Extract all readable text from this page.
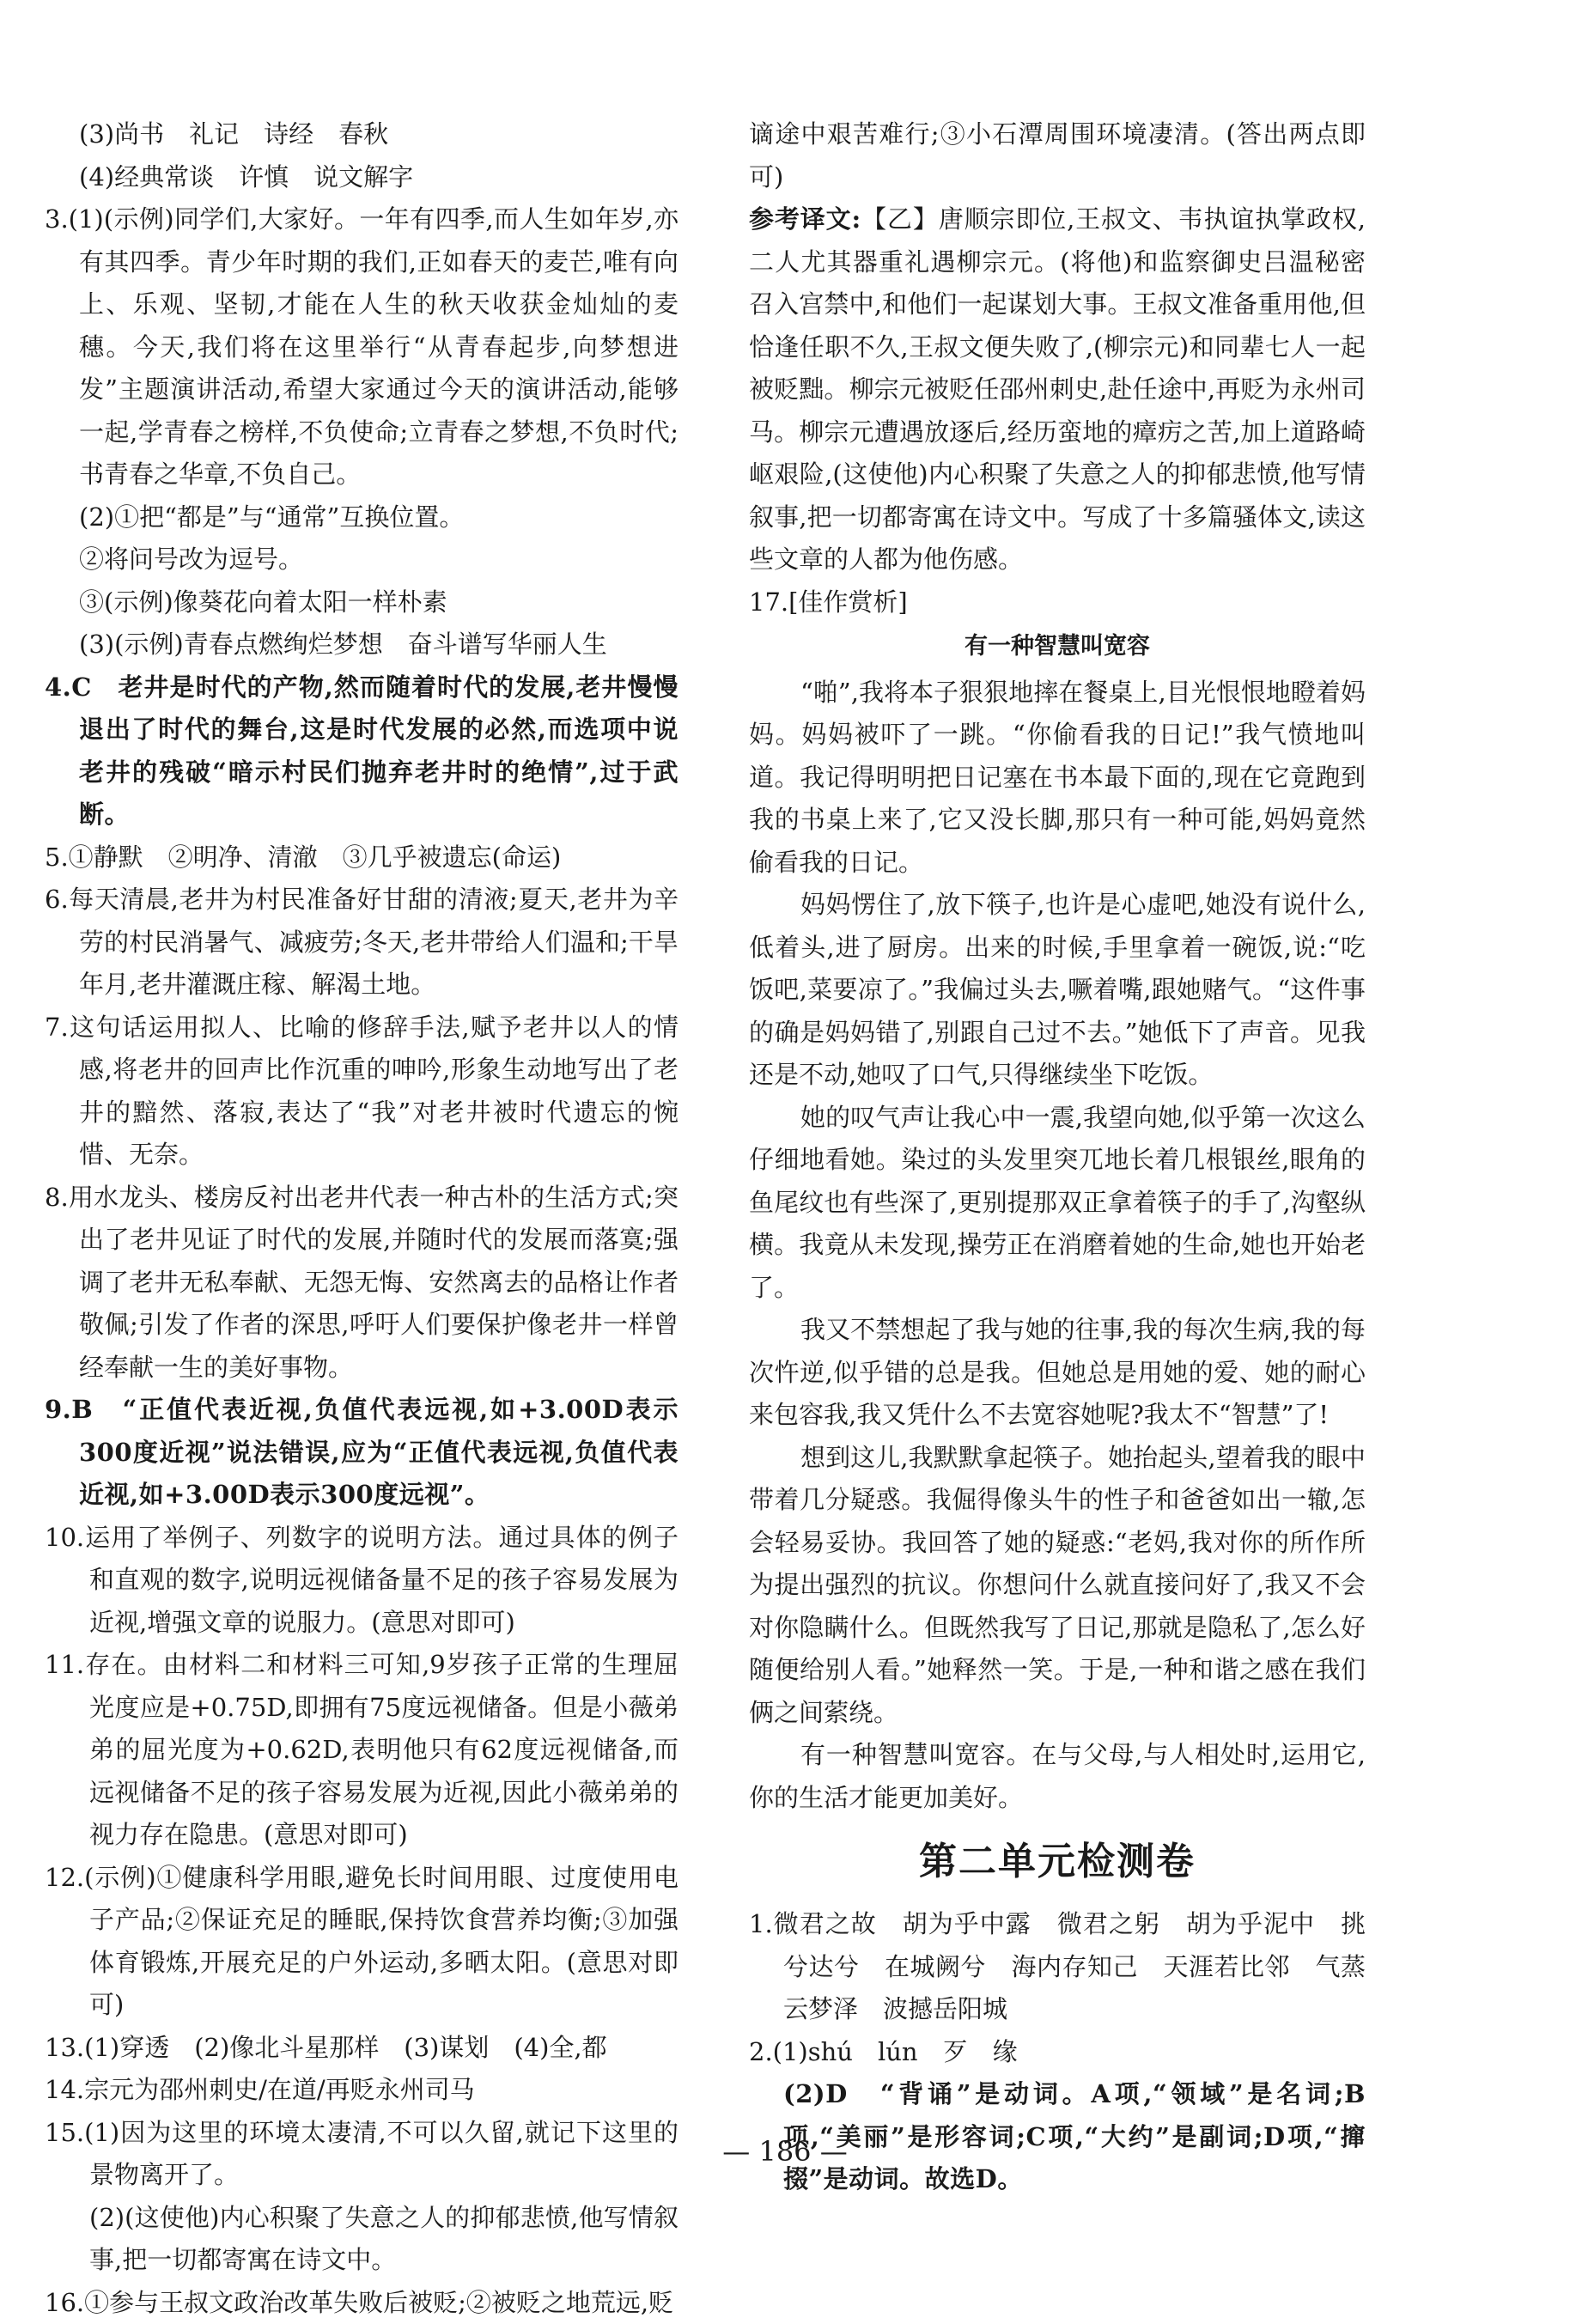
(3)尚书　礼记　诗经　春秋
(4)经典常谈　许慎　说文解字
3.(1)(示例)同学们,大家好。一年有四季,而人生如年岁,亦有其四季。青少年时期的我们,正如春天的麦芒,唯有向上、乐观、坚韧,才能在人生的秋天收获金灿灿的麦穗。今天,我们将在这里举行“从青春起步,向梦想进发”主题演讲活动,希望大家通过今天的演讲活动,能够一起,学青春之榜样,不负使命;立青春之梦想,不负时代;书青春之华章,不负自己。
(2)①把“都是”与“通常”互换位置。
②将问号改为逗号。
③(示例)像葵花向着太阳一样朴素
(3)(示例)青春点燃绚烂梦想　奋斗谱写华丽人生
4.C　老井是时代的产物,然而随着时代的发展,老井慢慢退出了时代的舞台,这是时代发展的必然,而选项中说老井的残破“暗示村民们抛弃老井时的绝情”,过于武断。
5.①静默　②明净、清澈　③几乎被遗忘(命运)
6.每天清晨,老井为村民准备好甘甜的清液;夏天,老井为辛劳的村民消暑气、减疲劳;冬天,老井带给人们温和;干旱年月,老井灌溉庄稼、解渴土地。
7.这句话运用拟人、比喻的修辞手法,赋予老井以人的情感,将老井的回声比作沉重的呻吟,形象生动地写出了老井的黯然、落寂,表达了“我”对老井被时代遗忘的惋惜、无奈。
8.用水龙头、楼房反衬出老井代表一种古朴的生活方式;突出了老井见证了时代的发展,并随时代的发展而落寞;强调了老井无私奉献、无怨无悔、安然离去的品格让作者敬佩;引发了作者的深思,呼吁人们要保护像老井一样曾经奉献一生的美好事物。
9.B　“正值代表近视,负值代表远视,如+3.00D表示300度近视”说法错误,应为“正值代表远视,负值代表近视,如+3.00D表示300度远视”。
10.运用了举例子、列数字的说明方法。通过具体的例子和直观的数字,说明远视储备量不足的孩子容易发展为近视,增强文章的说服力。(意思对即可)
11.存在。由材料二和材料三可知,9岁孩子正常的生理屈光度应是+0.75D,即拥有75度远视储备。但是小薇弟弟的屈光度为+0.62D,表明他只有62度远视储备,而远视储备不足的孩子容易发展为近视,因此小薇弟弟的视力存在隐患。(意思对即可)
12.(示例)①健康科学用眼,避免长时间用眼、过度使用电子产品;②保证充足的睡眠,保持饮食营养均衡;③加强体育锻炼,开展充足的户外运动,多晒太阳。(意思对即可)
13.(1)穿透　(2)像北斗星那样　(3)谋划　(4)全,都
14.宗元为邵州刺史/在道/再贬永州司马
15.(1)因为这里的环境太凄清,不可以久留,就记下这里的景物离开了。
(2)(这使他)内心积聚了失意之人的抑郁悲愤,他写情叙事,把一切都寄寓在诗文中。
16.①参与王叔文政治改革失败后被贬;②被贬之地荒远,贬
谪途中艰苦难行;③小石潭周围环境凄清。(答出两点即可)
参考译文:【乙】唐顺宗即位,王叔文、韦执谊执掌政权,二人尤其器重礼遇柳宗元。(将他)和监察御史吕温秘密召入宫禁中,和他们一起谋划大事。王叔文准备重用他,但恰逢任职不久,王叔文便失败了,(柳宗元)和同辈七人一起被贬黜。柳宗元被贬任邵州刺史,赴任途中,再贬为永州司马。柳宗元遭遇放逐后,经历蛮地的瘴疠之苦,加上道路崎岖艰险,(这使他)内心积聚了失意之人的抑郁悲愤,他写情叙事,把一切都寄寓在诗文中。写成了十多篇骚体文,读这些文章的人都为他伤感。
17.[佳作赏析]
有一种智慧叫宽容
“啪”,我将本子狠狠地摔在餐桌上,目光恨恨地瞪着妈妈。妈妈被吓了一跳。“你偷看我的日记!”我气愤地叫道。我记得明明把日记塞在书本最下面的,现在它竟跑到我的书桌上来了,它又没长脚,那只有一种可能,妈妈竟然偷看我的日记。
妈妈愣住了,放下筷子,也许是心虚吧,她没有说什么,低着头,进了厨房。出来的时候,手里拿着一碗饭,说:“吃饭吧,菜要凉了。”我偏过头去,噘着嘴,跟她赌气。“这件事的确是妈妈错了,别跟自己过不去。”她低下了声音。见我还是不动,她叹了口气,只得继续坐下吃饭。
她的叹气声让我心中一震,我望向她,似乎第一次这么仔细地看她。染过的头发里突兀地长着几根银丝,眼角的鱼尾纹也有些深了,更别提那双正拿着筷子的手了,沟壑纵横。我竟从未发现,操劳正在消磨着她的生命,她也开始老了。
我又不禁想起了我与她的往事,我的每次生病,我的每次忤逆,似乎错的总是我。但她总是用她的爱、她的耐心来包容我,我又凭什么不去宽容她呢?我太不“智慧”了!
想到这儿,我默默拿起筷子。她抬起头,望着我的眼中带着几分疑惑。我倔得像头牛的性子和爸爸如出一辙,怎会轻易妥协。我回答了她的疑惑:“老妈,我对你的所作所为提出强烈的抗议。你想问什么就直接问好了,我又不会对你隐瞒什么。但既然我写了日记,那就是隐私了,怎么好随便给别人看。”她释然一笑。于是,一种和谐之感在我们俩之间萦绕。
有一种智慧叫宽容。在与父母,与人相处时,运用它,你的生活才能更加美好。
第二单元检测卷
1.微君之故　胡为乎中露　微君之躬　胡为乎泥中　挑兮达兮　在城阙兮　海内存知己　天涯若比邻　气蒸云梦泽　波撼岳阳城
2.(1)shú　lún　歹　缘
(2)D　“背诵”是动词。A项,“领域”是名词;B项,“美丽”是形容词;C项,“大约”是副词;D项,“撺掇”是动词。故选D。
— 186 —
